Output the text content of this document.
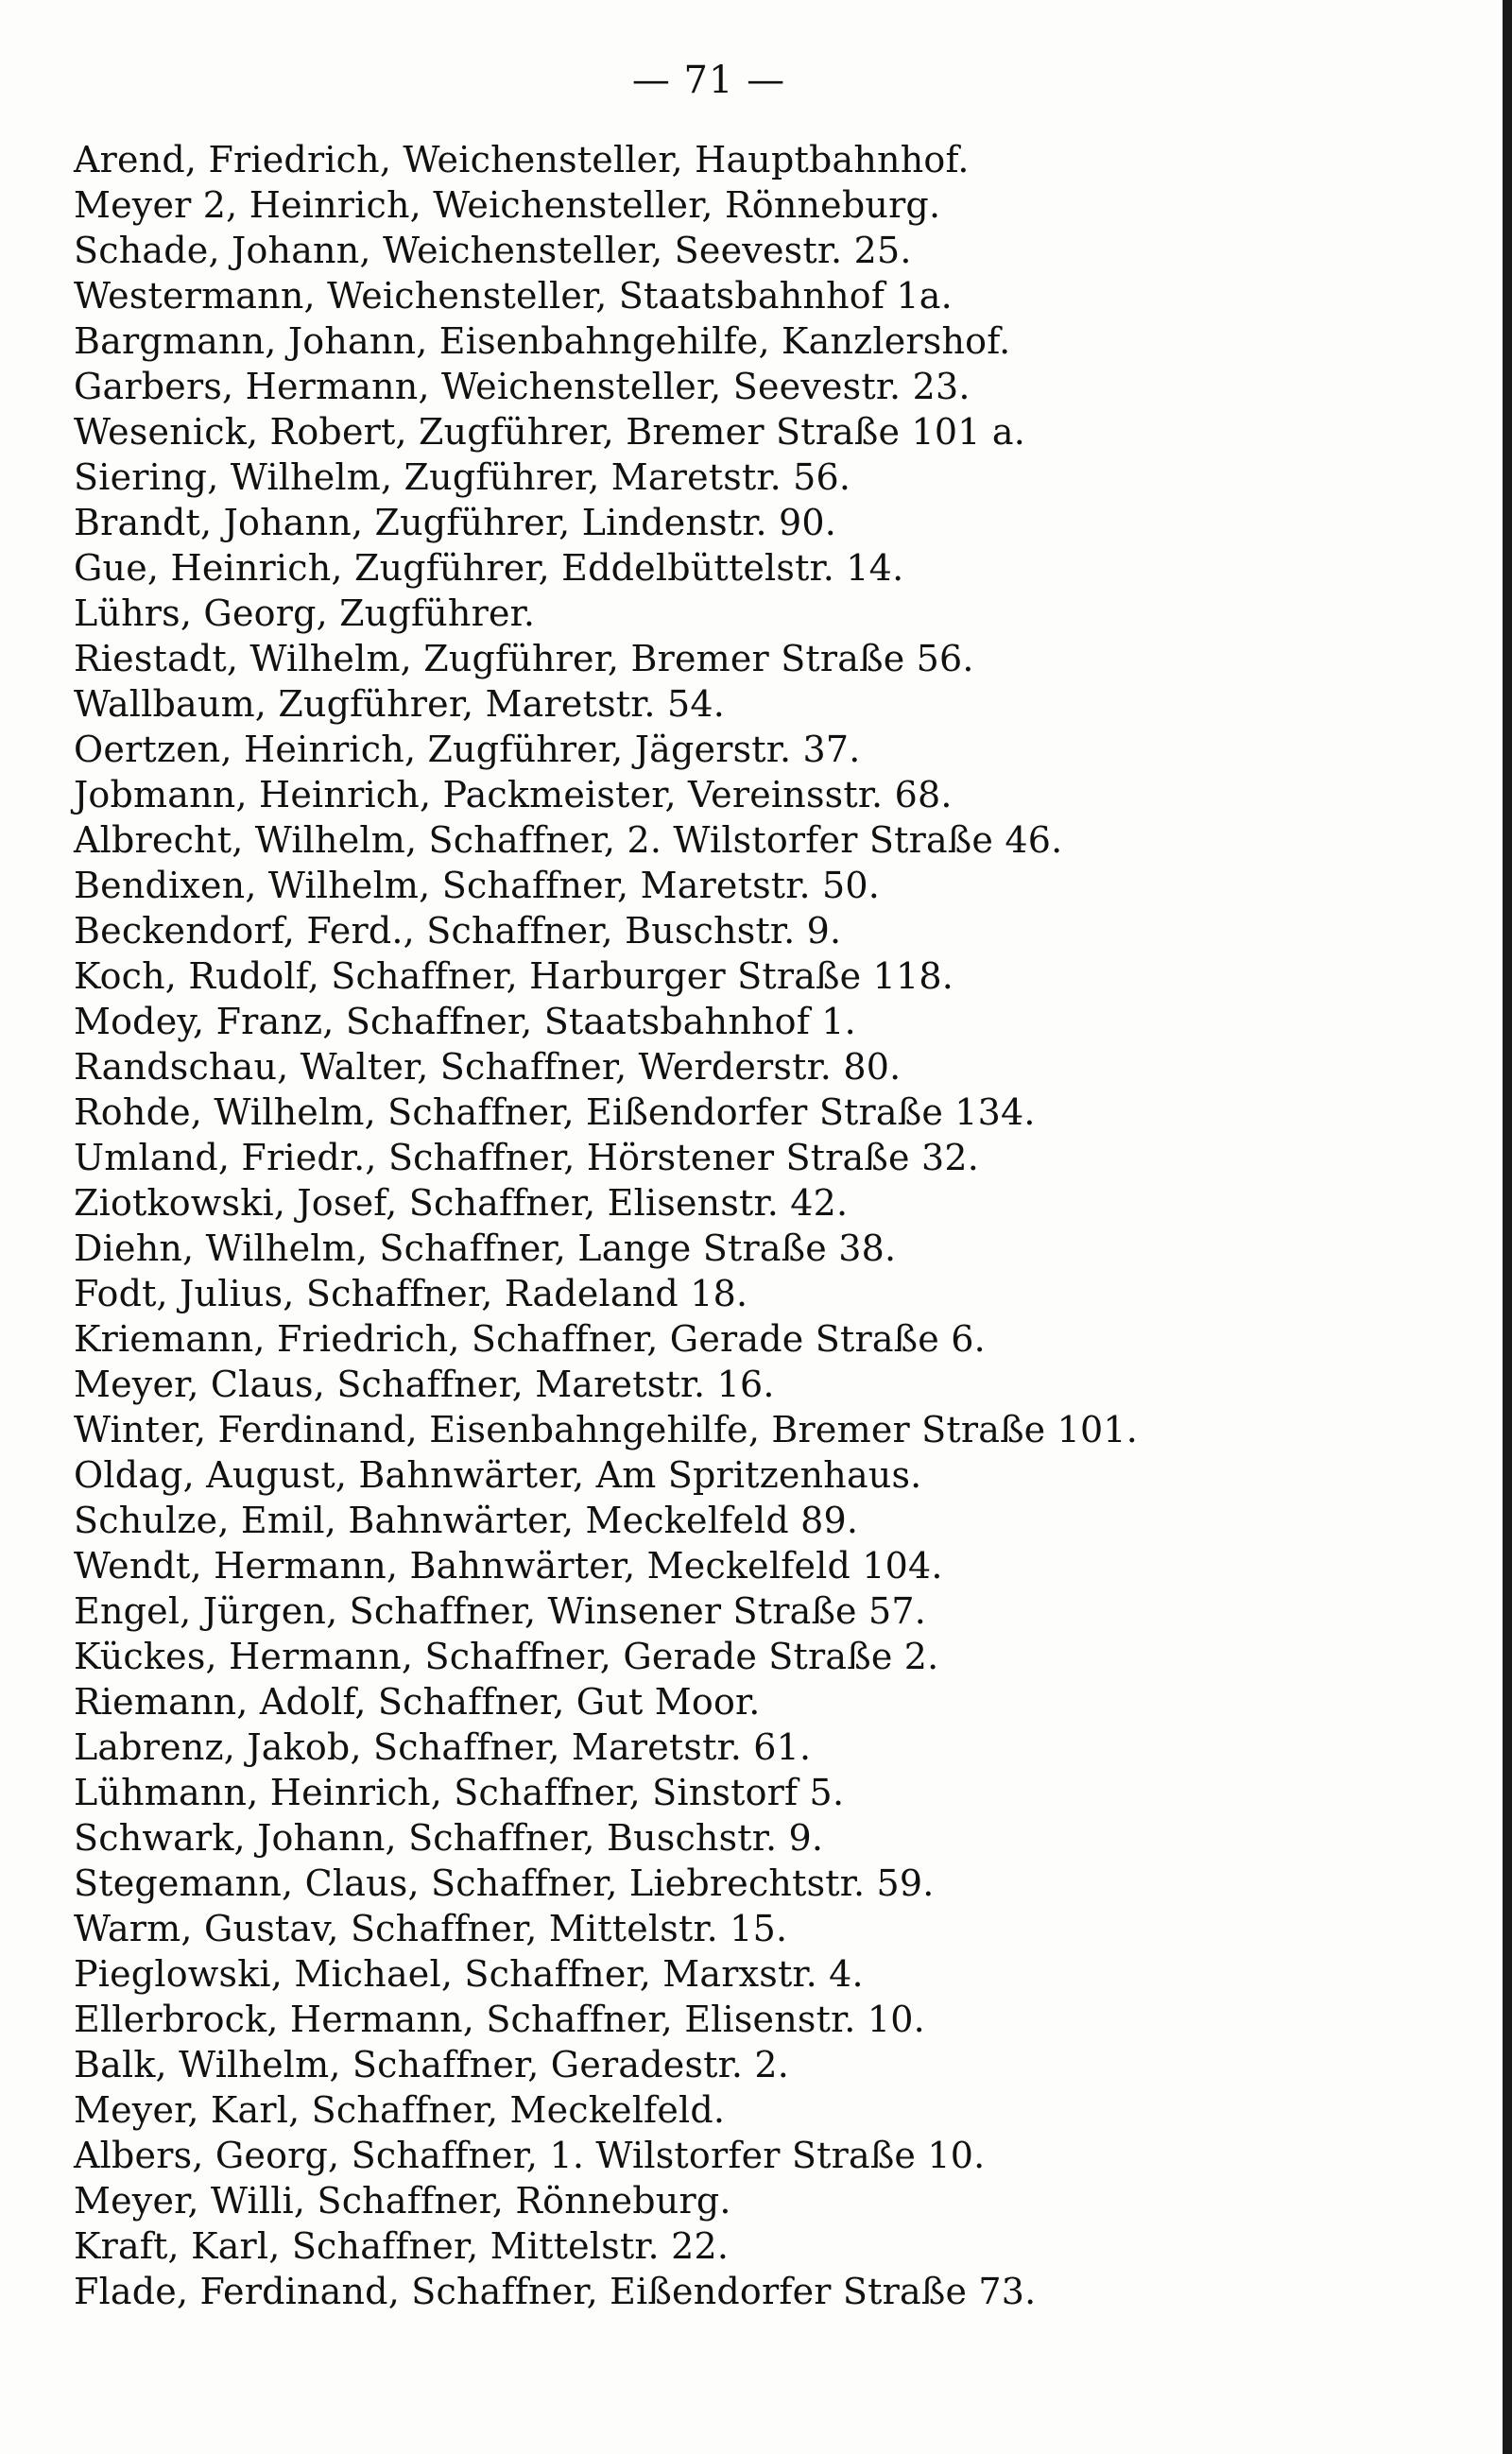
— 71 —
Arend, Friedrich, Weichensteller, Hauptbahnhof.
Meyer 2, Heinrich, Weichensteller, Rönneburg.
Schade, Johann, Weichensteller, Seevestr. 25.
Westermann, Weichensteller, Staatsbahnhof 1a.
Bargmann, Johann, Eisenbahngehilfe, Kanzlershof.
Garbers, Hermann, Weichensteller, Seevestr. 23.
Wesenick, Robert, Zugführer, Bremer Straße 101 a.
Siering, Wilhelm, Zugführer, Maretstr. 56.
Brandt, Johann, Zugführer, Lindenstr. 90.
Gue, Heinrich, Zugführer, Eddelbüttelstr. 14.
Lührs, Georg, Zugführer.
Riestadt, Wilhelm, Zugführer, Bremer Straße 56.
Wallbaum, Zugführer, Maretstr. 54.
Oertzen, Heinrich, Zugführer, Jägerstr. 37.
Jobmann, Heinrich, Packmeister, Vereinsstr. 68.
Albrecht, Wilhelm, Schaffner, 2. Wilstorfer Straße 46.
Bendixen, Wilhelm, Schaffner, Maretstr. 50.
Beckendorf, Ferd., Schaffner, Buschstr. 9.
Koch, Rudolf, Schaffner, Harburger Straße 118.
Modey, Franz, Schaffner, Staatsbahnhof 1.
Randschau, Walter, Schaffner, Werderstr. 80.
Rohde, Wilhelm, Schaffner, Eißendorfer Straße 134.
Umland, Friedr., Schaffner, Hörstener Straße 32.
Ziotkowski, Josef, Schaffner, Elisenstr. 42.
Diehn, Wilhelm, Schaffner, Lange Straße 38.
Fodt, Julius, Schaffner, Radeland 18.
Kriemann, Friedrich, Schaffner, Gerade Straße 6.
Meyer, Claus, Schaffner, Maretstr. 16.
Winter, Ferdinand, Eisenbahngehilfe, Bremer Straße 101.
Oldag, August, Bahnwärter, Am Spritzenhaus.
Schulze, Emil, Bahnwärter, Meckelfeld 89.
Wendt, Hermann, Bahnwärter, Meckelfeld 104.
Engel, Jürgen, Schaffner, Winsener Straße 57.
Kückes, Hermann, Schaffner, Gerade Straße 2.
Riemann, Adolf, Schaffner, Gut Moor.
Labrenz, Jakob, Schaffner, Maretstr. 61.
Lühmann, Heinrich, Schaffner, Sinstorf 5.
Schwark, Johann, Schaffner, Buschstr. 9.
Stegemann, Claus, Schaffner, Liebrechtstr. 59.
Warm, Gustav, Schaffner, Mittelstr. 15.
Pieglowski, Michael, Schaffner, Marxstr. 4.
Ellerbrock, Hermann, Schaffner, Elisenstr. 10.
Balk, Wilhelm, Schaffner, Geradestr. 2.
Meyer, Karl, Schaffner, Meckelfeld.
Albers, Georg, Schaffner, 1. Wilstorfer Straße 10.
Meyer, Willi, Schaffner, Rönneburg.
Kraft, Karl, Schaffner, Mittelstr. 22.
Flade, Ferdinand, Schaffner, Eißendorfer Straße 73.
